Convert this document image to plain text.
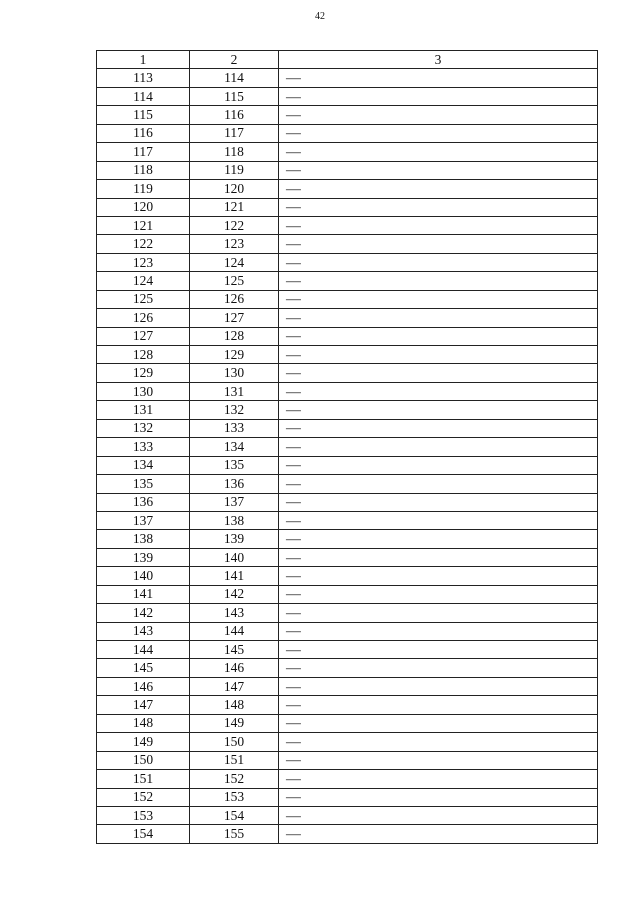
42
1	2	3
113	114	—
114	115	—
115	116	—
116	117	—
117	118	—
118	119	—
119	120	—
120	121	—
121	122	—
122	123	—
123	124	—
124	125	—
125	126	—
126	127	—
127	128	—
128	129	—
129	130	—
130	131	—
131	132	—
132	133	—
133	134	—
134	135	—
135	136	—
136	137	—
137	138	—
138	139	—
139	140	—
140	141	—
141	142	—
142	143	—
143	144	—
144	145	—
145	146	—
146	147	—
147	148	—
148	149	—
149	150	—
150	151	—
151	152	—
152	153	—
153	154	—
154	155	—
